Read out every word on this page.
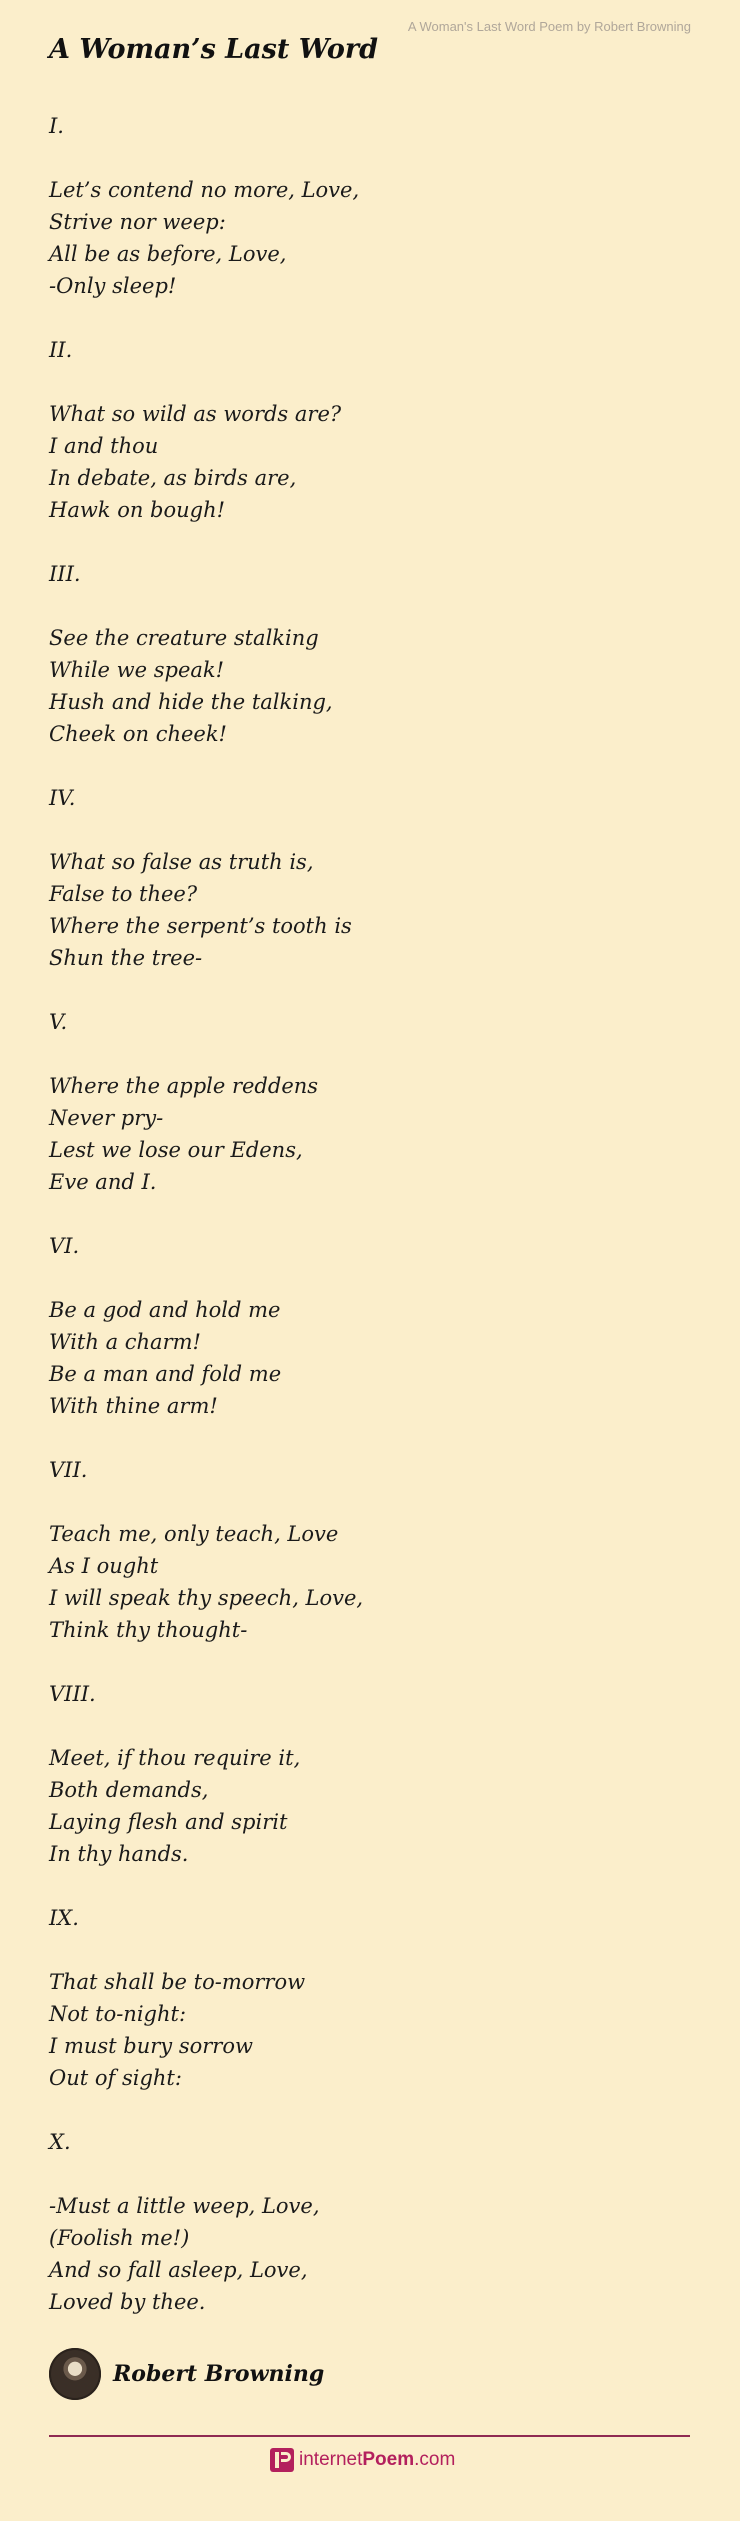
A Woman's Last Word Poem by Robert Browning
A Woman’s Last Word
I.
Let’s contend no more, Love,
Strive nor weep:
All be as before, Love,
-Only sleep!
II.
What so wild as words are?
I and thou
In debate, as birds are,
Hawk on bough!
III.
See the creature stalking
While we speak!
Hush and hide the talking,
Cheek on cheek!
IV.
What so false as truth is,
False to thee?
Where the serpent’s tooth is
Shun the tree-
V.
Where the apple reddens
Never pry-
Lest we lose our Edens,
Eve and I.
VI.
Be a god and hold me
With a charm!
Be a man and fold me
With thine arm!
VII.
Teach me, only teach, Love
As I ought
I will speak thy speech, Love,
Think thy thought-
VIII.
Meet, if thou require it,
Both demands,
Laying flesh and spirit
In thy hands.
IX.
That shall be to-morrow
Not to-night:
I must bury sorrow
Out of sight:
X.
-Must a little weep, Love,
(Foolish me!)
And so fall asleep, Love,
Loved by thee.
Robert Browning
internetPoem.com
